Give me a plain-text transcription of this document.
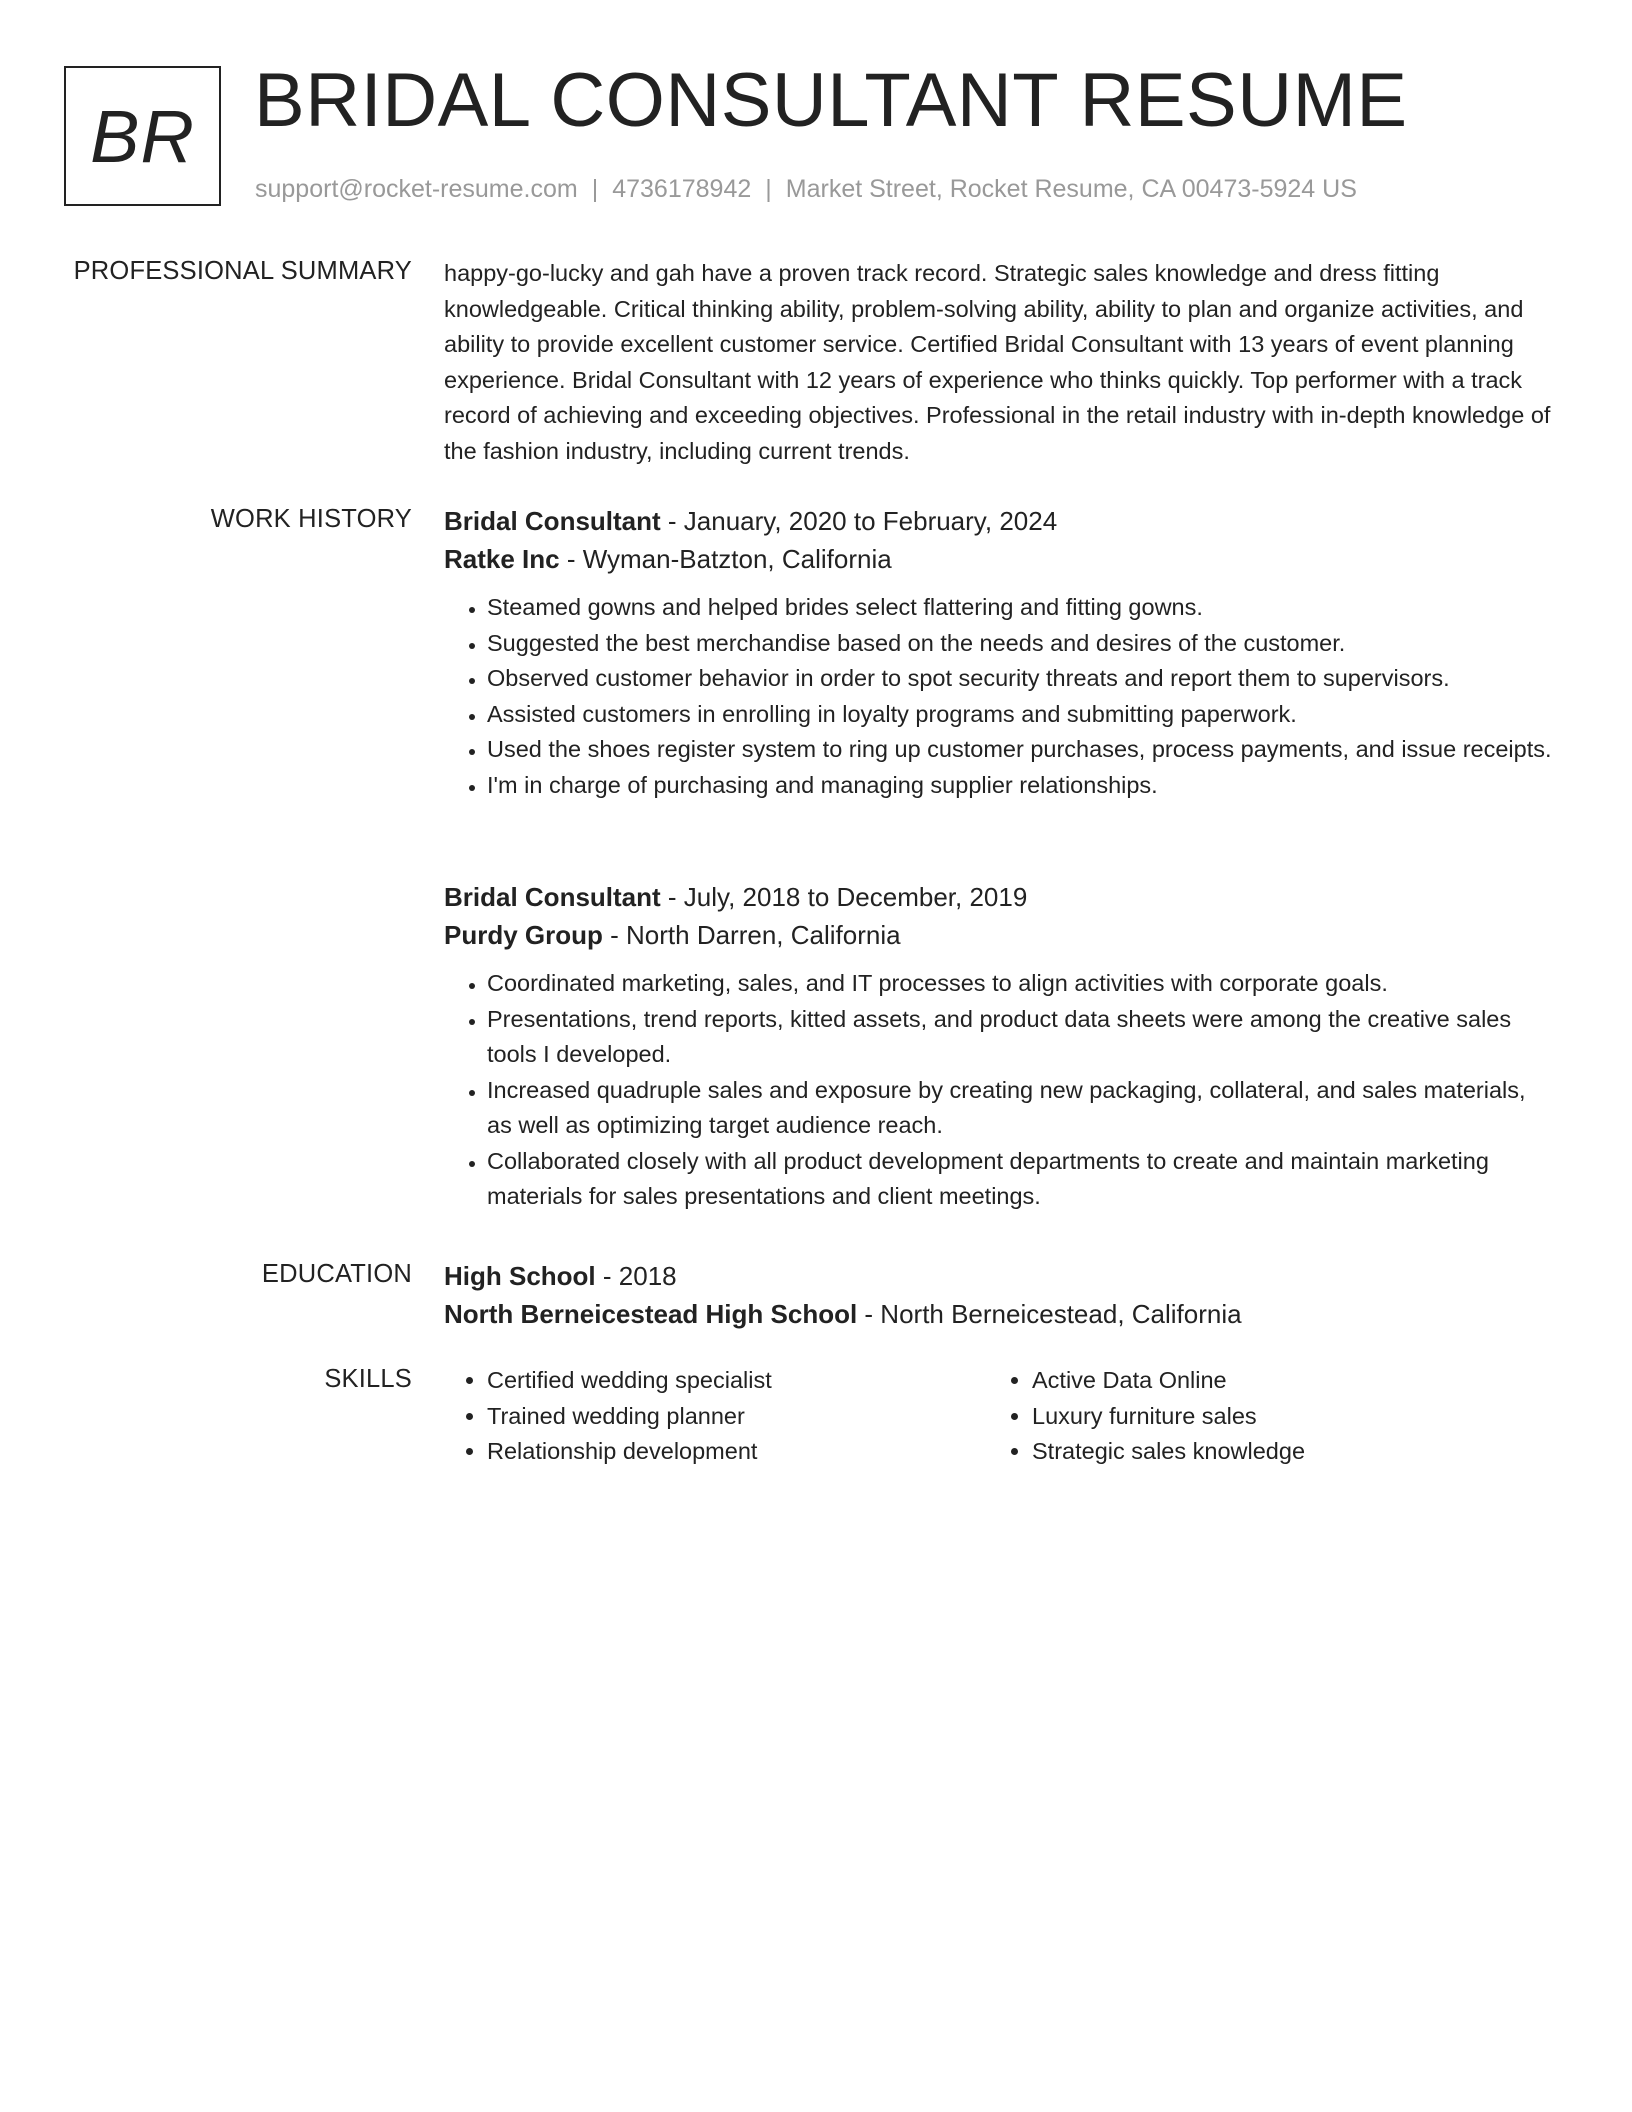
BR BRIDAL CONSULTANT RESUME
support@rocket-resume.com | 4736178942 | Market Street, Rocket Resume, CA 00473-5924 US
PROFESSIONAL SUMMARY happy-go-lucky and gah have a proven track record. Strategic sales knowledge and dress fitting knowledgeable. Critical thinking ability, problem-solving ability, ability to plan and organize activities, and ability to provide excellent customer service. Certified Bridal Consultant with 13 years of event planning experience. Bridal Consultant with 12 years of experience who thinks quickly. Top performer with a track record of achieving and exceeding objectives. Professional in the retail industry with in-depth knowledge of the fashion industry, including current trends.
WORK HISTORY Bridal Consultant - January, 2020 to February, 2024
Ratke Inc - Wyman-Batzton, California
• Steamed gowns and helped brides select flattering and fitting gowns.
• Suggested the best merchandise based on the needs and desires of the customer.
• Observed customer behavior in order to spot security threats and report them to supervisors.
• Assisted customers in enrolling in loyalty programs and submitting paperwork.
• Used the shoes register system to ring up customer purchases, process payments, and issue receipts.
• I'm in charge of purchasing and managing supplier relationships.
Bridal Consultant - July, 2018 to December, 2019
Purdy Group - North Darren, California
• Coordinated marketing, sales, and IT processes to align activities with corporate goals.
• Presentations, trend reports, kitted assets, and product data sheets were among the creative sales tools I developed.
• Increased quadruple sales and exposure by creating new packaging, collateral, and sales materials, as well as optimizing target audience reach.
• Collaborated closely with all product development departments to create and maintain marketing materials for sales presentations and client meetings.
EDUCATION High School - 2018
North Berneicestead High School - North Berneicestead, California
SKILLS
•	Certified wedding specialist
• Trained wedding planner
• Relationship development
• Active Data Online
• Luxury furniture sales
• Strategic sales knowledge
